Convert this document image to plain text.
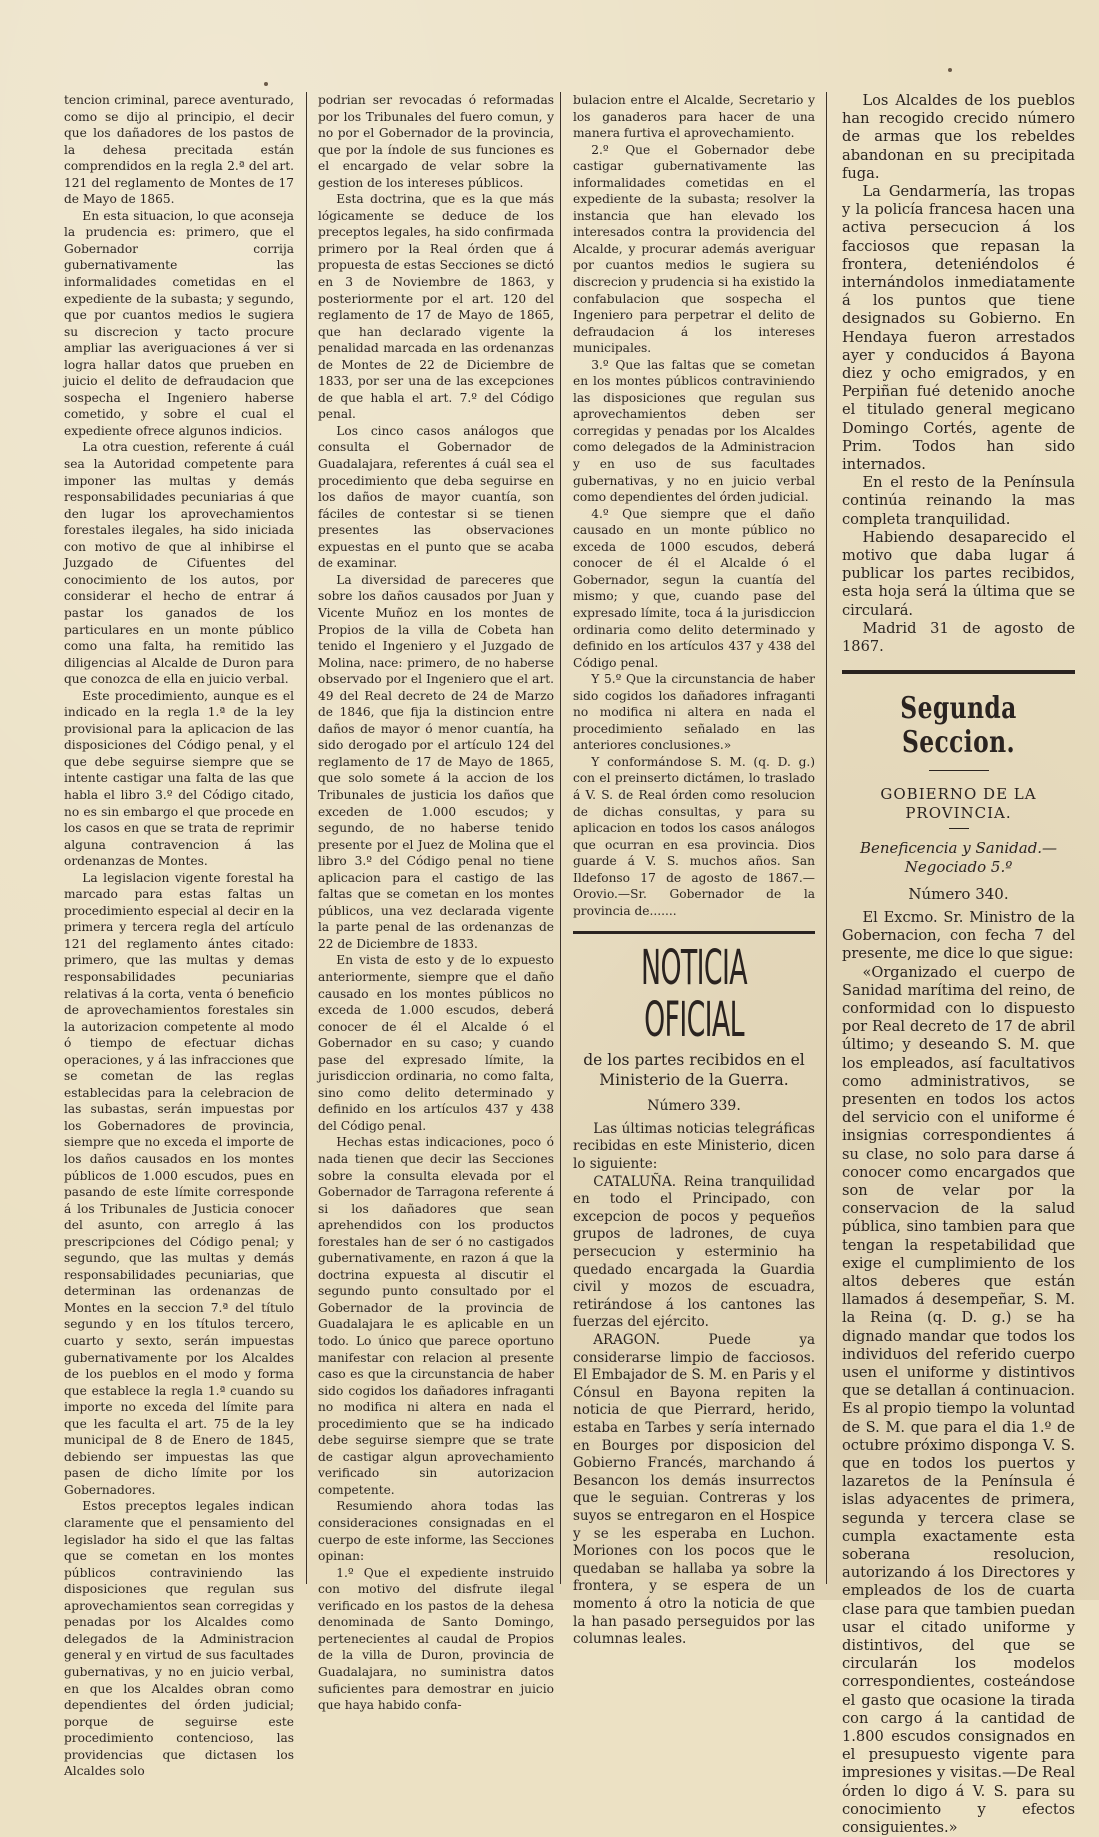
tencion criminal, parece aventurado, como se dijo al principio, el decir que los dañadores de los pastos de la dehesa precitada están comprendidos en la regla 2.ª del art. 121 del reglamento de Montes de 17 de Mayo de 1865.

En esta situacion, lo que aconseja la prudencia es: primero, que el Gobernador corrija gubernativamente las informalidades cometidas en el expediente de la subasta; y segundo, que por cuantos medios le sugiera su discrecion y tacto procure ampliar las averiguaciones á ver si logra hallar datos que prueben en juicio el delito de defraudacion que sospecha el Ingeniero haberse cometido, y sobre el cual el expediente ofrece algunos indicios.

La otra cuestion, referente á cuál sea la Autoridad competente para imponer las multas y demás responsabilidades pecuniarias á que den lugar los aprovechamientos forestales ilegales, ha sido iniciada con motivo de que al inhibirse el Juzgado de Cifuentes del conocimiento de los autos, por considerar el hecho de entrar á pastar los ganados de los particulares en un monte público como una falta, ha remitido las diligencias al Alcalde de Duron para que conozca de ella en juicio verbal.

Este procedimiento, aunque es el indicado en la regla 1.ª de la ley provisional para la aplicacion de las disposiciones del Código penal, y el que debe seguirse siempre que se intente castigar una falta de las que habla el libro 3.º del Código citado, no es sin embargo el que procede en los casos en que se trata de reprimir alguna contravencion á las ordenanzas de Montes.

La legislacion vigente forestal ha marcado para estas faltas un procedimiento especial al decir en la primera y tercera regla del artículo 121 del reglamento ántes citado: primero, que las multas y demas responsabilidades pecuniarias relativas á la corta, venta ó beneficio de aprovechamientos forestales sin la autorizacion competente al modo ó tiempo de efectuar dichas operaciones, y á las infracciones que se cometan de las reglas establecidas para la celebracion de las subastas, serán impuestas por los Gobernadores de provincia, siempre que no exceda el importe de los daños causados en los montes públicos de 1.000 escudos, pues en pasando de este límite corresponde á los Tribunales de Justicia conocer del asunto, con arreglo á las prescripciones del Código penal; y segundo, que las multas y demás responsabilidades pecuniarias, que determinan las ordenanzas de Montes en la seccion 7.ª del título segundo y en los títulos tercero, cuarto y sexto, serán impuestas gubernativamente por los Alcaldes de los pueblos en el modo y forma que establece la regla 1.ª cuando su importe no exceda del límite para que les faculta el art. 75 de la ley municipal de 8 de Enero de 1845, debiendo ser impuestas las que pasen de dicho límite por los Gobernadores.

Estos preceptos legales indican claramente que el pensamiento del legislador ha sido el que las faltas que se cometan en los montes públicos contraviniendo las disposiciones que regulan sus aprovechamientos sean corregidas y penadas por los Alcaldes como delegados de la Administracion general y en virtud de sus facultades gubernativas, y no en juicio verbal, en que los Alcaldes obran como dependientes del órden judicial; porque de seguirse este procedimiento contencioso, las providencias que dictasen los Alcaldes solo

podrian ser revocadas ó reformadas por los Tribunales del fuero comun, y no por el Gobernador de la provincia, que por la índole de sus funciones es el encargado de velar sobre la gestion de los intereses públicos.

Esta doctrina, que es la que más lógicamente se deduce de los preceptos legales, ha sido confirmada primero por la Real órden que á propuesta de estas Secciones se dictó en 3 de Noviembre de 1863, y posteriormente por el art. 120 del reglamento de 17 de Mayo de 1865, que han declarado vigente la penalidad marcada en las ordenanzas de Montes de 22 de Diciembre de 1833, por ser una de las excepciones de que habla el art. 7.º del Código penal.

Los cinco casos análogos que consulta el Gobernador de Guadalajara, referentes á cuál sea el procedimiento que deba seguirse en los daños de mayor cuantía, son fáciles de contestar si se tienen presentes las observaciones expuestas en el punto que se acaba de examinar.

La diversidad de pareceres que sobre los daños causados por Juan y Vicente Muñoz en los montes de Propios de la villa de Cobeta han tenido el Ingeniero y el Juzgado de Molina, nace: primero, de no haberse observado por el Ingeniero que el art. 49 del Real decreto de 24 de Marzo de 1846, que fija la distincion entre daños de mayor ó menor cuantía, ha sido derogado por el artículo 124 del reglamento de 17 de Mayo de 1865, que solo somete á la accion de los Tribunales de justicia los daños que exceden de 1.000 escudos; y segundo, de no haberse tenido presente por el Juez de Molina que el libro 3.º del Código penal no tiene aplicacion para el castigo de las faltas que se cometan en los montes públicos, una vez declarada vigente la parte penal de las ordenanzas de 22 de Diciembre de 1833.

En vista de esto y de lo expuesto anteriormente, siempre que el daño causado en los montes públicos no exceda de 1.000 escudos, deberá conocer de él el Alcalde ó el Gobernador en su caso; y cuando pase del expresado límite, la jurisdiccion ordinaria, no como falta, sino como delito determinado y definido en los artículos 437 y 438 del Código penal.

Hechas estas indicaciones, poco ó nada tienen que decir las Secciones sobre la consulta elevada por el Gobernador de Tarragona referente á si los dañadores que sean aprehendidos con los productos forestales han de ser ó no castigados gubernativamente, en razon á que la doctrina expuesta al discutir el segundo punto consultado por el Gobernador de la provincia de Guadalajara le es aplicable en un todo. Lo único que parece oportuno manifestar con relacion al presente caso es que la circunstancia de haber sido cogidos los dañadores infraganti no modifica ni altera en nada el procedimiento que se ha indicado debe seguirse siempre que se trate de castigar algun aprovechamiento verificado sin autorizacion competente.

Resumiendo ahora todas las consideraciones consignadas en el cuerpo de este informe, las Secciones opinan:

1.º Que el expediente instruido con motivo del disfrute ilegal verificado en los pastos de la dehesa denominada de Santo Domingo, pertenecientes al caudal de Propios de la villa de Duron, provincia de Guadalajara, no suministra datos suficientes para demostrar en juicio que haya habido confa-

bulacion entre el Alcalde, Secretario y los ganaderos para hacer de una manera furtiva el aprovechamiento.

2.º Que el Gobernador debe castigar gubernativamente las informalidades cometidas en el expediente de la subasta; resolver la instancia que han elevado los interesados contra la providencia del Alcalde, y procurar además averiguar por cuantos medios le sugiera su discrecion y prudencia si ha existido la confabulacion que sospecha el Ingeniero para perpetrar el delito de defraudacion á los intereses municipales.

3.º Que las faltas que se cometan en los montes públicos contraviniendo las disposiciones que regulan sus aprovechamientos deben ser corregidas y penadas por los Alcaldes como delegados de la Administracion y en uso de sus facultades gubernativas, y no en juicio verbal como dependientes del órden judicial.

4.º Que siempre que el daño causado en un monte público no exceda de 1000 escudos, deberá conocer de él el Alcalde ó el Gobernador, segun la cuantía del mismo; y que, cuando pase del expresado límite, toca á la jurisdiccion ordinaria como delito determinado y definido en los artículos 437 y 438 del Código penal.

Y 5.º Que la circunstancia de haber sido cogidos los dañadores infraganti no modifica ni altera en nada el procedimiento señalado en las anteriores conclusiones.»

Y conformándose S. M. (q. D. g.) con el preinserto dictámen, lo traslado á V. S. de Real órden como resolucion de dichas consultas, y para su aplicacion en todos los casos análogos que ocurran en esa provincia. Dios guarde á V. S. muchos años. San Ildefonso 17 de agosto de 1867.—Orovio.—Sr. Gobernador de la provincia de.......

NOTICIA OFICIAL
de los partes recibidos en el Ministerio de la Guerra.
Número 339.

Las últimas noticias telegráficas recibidas en este Ministerio, dicen lo siguiente:

CATALUÑA. Reina tranquilidad en todo el Principado, con excepcion de pocos y pequeños grupos de ladrones, de cuya persecucion y esterminio ha quedado encargada la Guardia civil y mozos de escuadra, retirándose á los cantones las fuerzas del ejército.

ARAGON. Puede ya considerarse limpio de facciosos. El Embajador de S. M. en Paris y el Cónsul en Bayona repiten la noticia de que Pierrard, herido, estaba en Tarbes y sería internado en Bourges por disposicion del Gobierno Francés, marchando á Besancon los demás insurrectos que le seguian. Contreras y los suyos se entregaron en el Hospice y se les esperaba en Luchon. Moriones con los pocos que le quedaban se hallaba ya sobre la frontera, y se espera de un momento á otro la noticia de que la han pasado perseguidos por las columnas leales.

Los Alcaldes de los pueblos han recogido crecido número de armas que los rebeldes abandonan en su precipitada fuga.

La Gendarmería, las tropas y la policía francesa hacen una activa persecucion á los facciosos que repasan la frontera, deteniéndolos é internándolos inmediatamente á los puntos que tiene designados su Gobierno. En Hendaya fueron arrestados ayer y conducidos á Bayona diez y ocho emigrados, y en Perpiñan fué detenido anoche el titulado general megicano Domingo Cortés, agente de Prim. Todos han sido internados.

En el resto de la Península continúa reinando la mas completa tranquilidad.

Habiendo desaparecido el motivo que daba lugar á publicar los partes recibidos, esta hoja será la última que se circulará.

Madrid 31 de agosto de 1867.

Segunda Seccion.
GOBIERNO DE LA PROVINCIA.
Beneficencia y Sanidad.—Negociado 5.º
Número 340.

El Excmo. Sr. Ministro de la Gobernacion, con fecha 7 del presente, me dice lo que sigue:

«Organizado el cuerpo de Sanidad marítima del reino, de conformidad con lo dispuesto por Real decreto de 17 de abril último; y deseando S. M. que los empleados, así facultativos como administrativos, se presenten en todos los actos del servicio con el uniforme é insignias correspondientes á su clase, no solo para darse á conocer como encargados que son de velar por la conservacion de la salud pública, sino tambien para que tengan la respetabilidad que exige el cumplimiento de los altos deberes que están llamados á desempeñar, S. M. la Reina (q. D. g.) se ha dignado mandar que todos los individuos del referido cuerpo usen el uniforme y distintivos que se detallan á continuacion. Es al propio tiempo la voluntad de S. M. que para el dia 1.º de octubre próximo disponga V. S. que en todos los puertos y lazaretos de la Península é islas adyacentes de primera, segunda y tercera clase se cumpla exactamente esta soberana resolucion, autorizando á los Directores y empleados de los de cuarta clase para que tambien puedan usar el citado uniforme y distintivos, del que se circularán los modelos correspondientes, costeándose el gasto que ocasione la tirada con cargo á la cantidad de 1.800 escudos consignados en el presupuesto vigente para impresiones y visitas.—De Real órden lo digo á V. S. para su conocimiento y efectos consiguientes.»
